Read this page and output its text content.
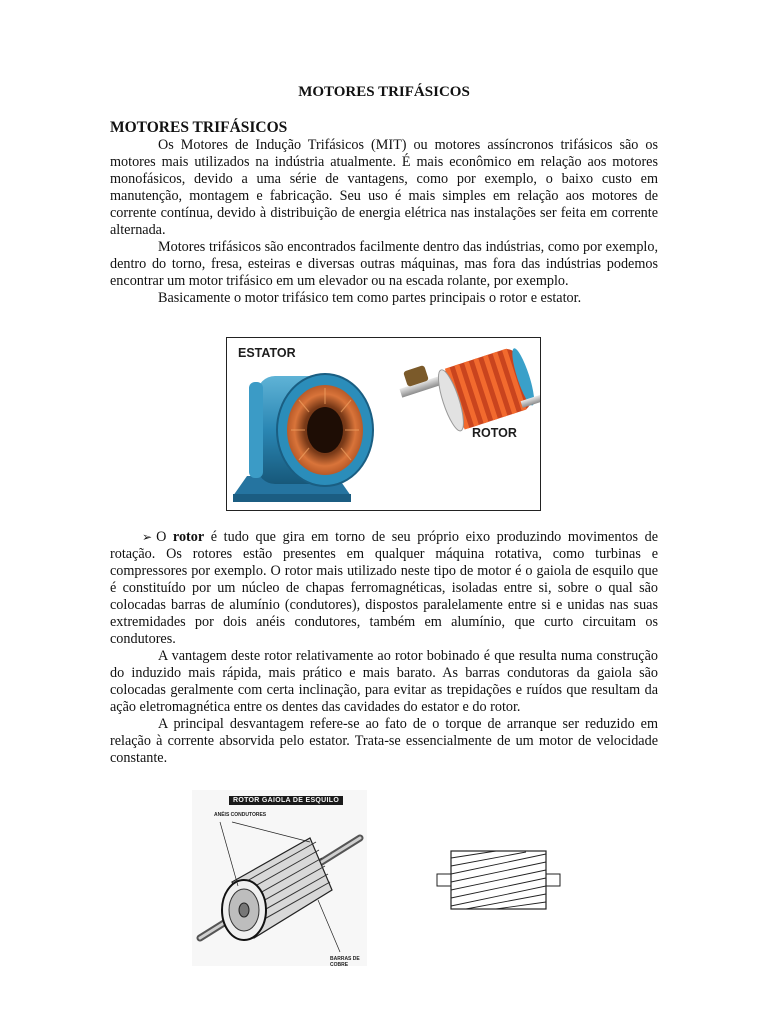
MOTORES TRIFÁSICOS
MOTORES TRIFÁSICOS

Os Motores de Indução Trifásicos (MIT) ou motores assíncronos trifásicos são os motores mais utilizados na indústria atualmente. É mais econômico em relação aos motores monofásicos, devido a uma série de vantagens, como por exemplo, o baixo custo em manutenção, montagem e fabricação. Seu uso é mais simples em relação aos motores de corrente contínua, devido à distribuição de energia elétrica nas instalações ser feita em corrente alternada.

Motores trifásicos são encontrados facilmente dentro das indústrias, como por exemplo, dentro do torno, fresa, esteiras e diversas outras máquinas, mas fora das indústrias podemos encontrar um motor trifásico em um elevador ou na escada rolante, por exemplo.

Basicamente o motor trifásico tem como partes principais o rotor e estator.

ESTATOR
ROTOR

➢ O rotor é tudo que gira em torno de seu próprio eixo produzindo movimentos de rotação. Os rotores estão presentes em qualquer máquina rotativa, como turbinas e compressores por exemplo. O rotor mais utilizado neste tipo de motor é o gaiola de esquilo que é constituído por um núcleo de chapas ferromagnéticas, isoladas entre si, sobre o qual são colocadas barras de alumínio (condutores), dispostos paralelamente entre si e unidas nas suas extremidades por dois anéis condutores, também em alumínio, que curto circuitam os condutores.

A vantagem deste rotor relativamente ao rotor bobinado é que resulta numa construção do induzido mais rápida, mais prático e mais barato. As barras condutoras da gaiola são colocadas geralmente com certa inclinação, para evitar as trepidações e ruídos que resultam da ação eletromagnética entre os dentes das cavidades do estator e do rotor.

A principal desvantagem refere-se ao fato de o torque de arranque ser reduzido em relação à corrente absorvida pelo estator. Trata-se essencialmente de um motor de velocidade constante.

ROTOR GAIOLA DE ESQUILO
ANÉIS CONDUTORES
BARRAS DE COBRE
